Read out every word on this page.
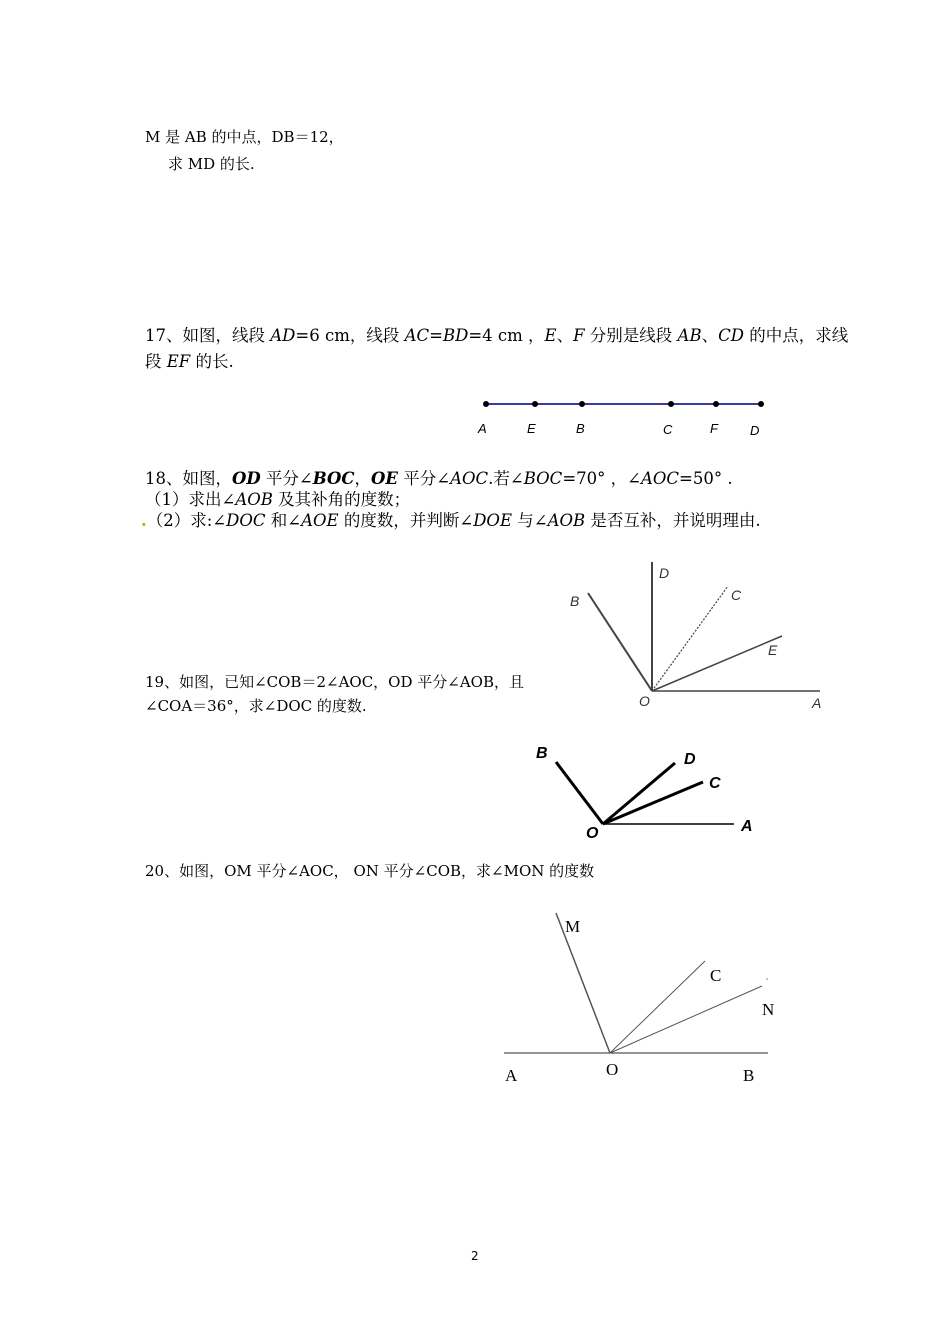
M 是 AB 的中点，DB＝12，
求 MD 的长.
17、如图，线段 AD=6 cm，线段 AC=BD=4 cm ，E、F 分别是线段 AB、CD 的中点，求线
段 EF 的长.
18、如图，OD 平分∠BOC，OE 平分∠AOC.若∠BOC=70° ，∠AOC=50° .
（1）求出∠AOB 及其补角的度数；
.（2）求:∠DOC 和∠AOE 的度数，并判断∠DOE 与∠AOB 是否互补，并说明理由.
19、如图，已知∠COB＝2∠AOC，OD 平分∠AOB，且
∠COA＝36°，求∠DOC 的度数.
20、如图，OM 平分∠AOC， ON 平分∠COB，求∠MON 的度数
2
A	E	B	C	F D
D
C
B
E
O	A
B	D
C
O	A
M
C
N
A	O	B
